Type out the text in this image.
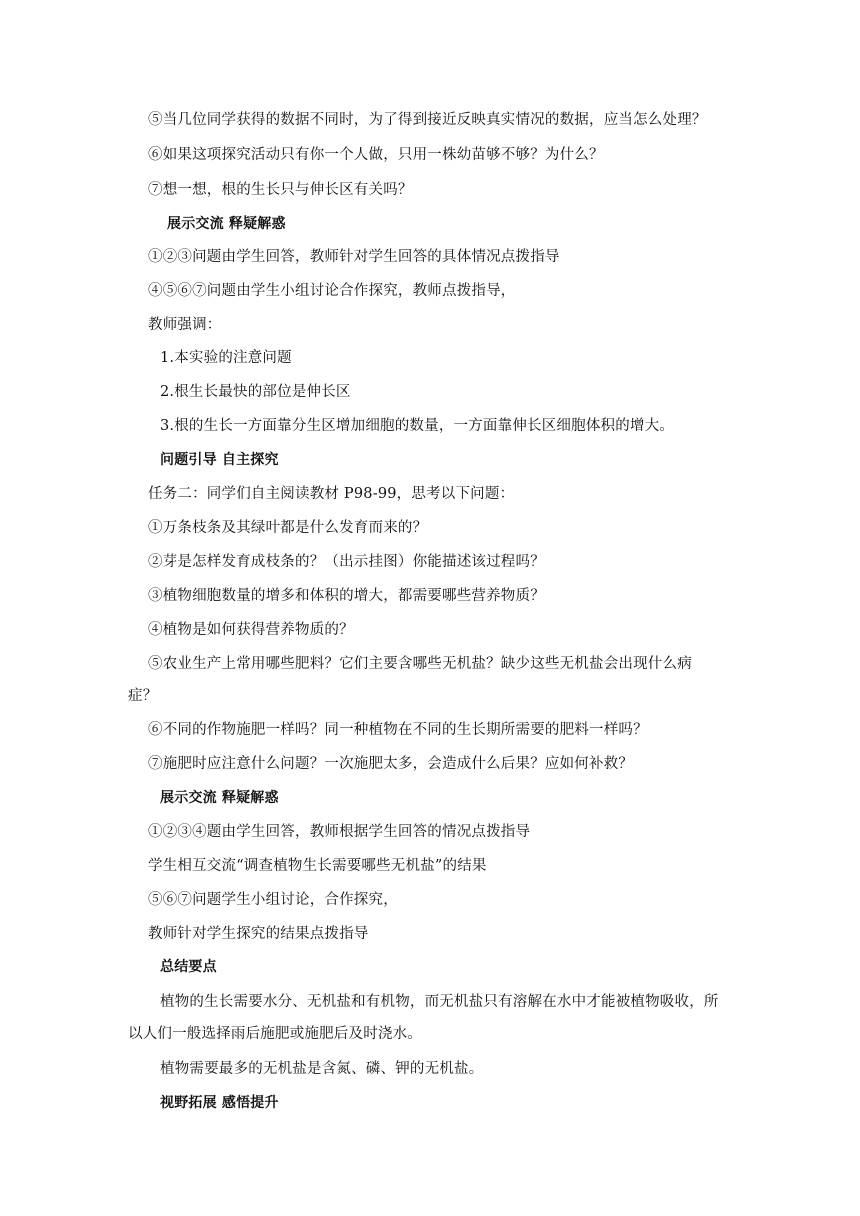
⑤当几位同学获得的数据不同时，为了得到接近反映真实情况的数据，应当怎么处理？
⑥如果这项探究活动只有你一个人做，只用一株幼苗够不够？为什么？
⑦想一想，根的生长只与伸长区有关吗？
展示交流 释疑解惑
①②③问题由学生回答，教师针对学生回答的具体情况点拨指导
④⑤⑥⑦问题由学生小组讨论合作探究，教师点拨指导，
教师强调：
1.本实验的注意问题
2.根生长最快的部位是伸长区
3.根的生长一方面靠分生区增加细胞的数量，一方面靠伸长区细胞体积的增大。
问题引导 自主探究
任务二：同学们自主阅读教材 P98-99，思考以下问题：
①万条枝条及其绿叶都是什么发育而来的？
②芽是怎样发育成枝条的？（出示挂图）你能描述该过程吗？
③植物细胞数量的增多和体积的增大，都需要哪些营养物质？
④植物是如何获得营养物质的？
⑤农业生产上常用哪些肥料？它们主要含哪些无机盐？缺少这些无机盐会出现什么病
症？
⑥不同的作物施肥一样吗？同一种植物在不同的生长期所需要的肥料一样吗？
⑦施肥时应注意什么问题？一次施肥太多，会造成什么后果？应如何补救？
展示交流 释疑解惑
①②③④题由学生回答，教师根据学生回答的情况点拨指导
学生相互交流“调查植物生长需要哪些无机盐”的结果
⑤⑥⑦问题学生小组讨论，合作探究，
教师针对学生探究的结果点拨指导
总结要点
植物的生长需要水分、无机盐和有机物，而无机盐只有溶解在水中才能被植物吸收，所
以人们一般选择雨后施肥或施肥后及时浇水。
植物需要最多的无机盐是含氮、磷、钾的无机盐。
视野拓展 感悟提升
